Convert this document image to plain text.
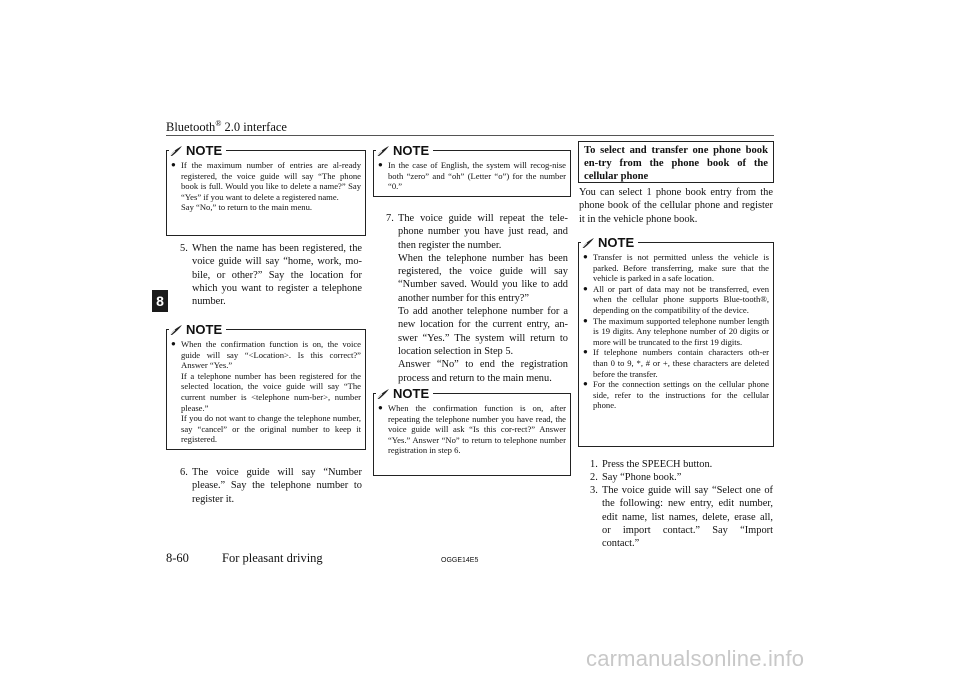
Bluetooth® 2.0 interface
8
NOTE
● If the maximum number of entries are al-ready registered, the voice guide will say “The phone book is full. Would you like to delete a name?” Say “Yes” if you want to delete a registered name.
Say “No,” to return to the main menu.
5. When the name has been registered, the voice guide will say “home, work, mo-bile, or other?” Say the location for which you want to register a telephone number.
NOTE
● When the confirmation function is on, the voice guide will say “<Location>. Is this correct?” Answer “Yes.”
If a telephone number has been registered for the selected location, the voice guide will say “The current number is <telephone num-ber>, number please.”
If you do not want to change the telephone number, say “cancel” or the original number to keep it registered.
6. The voice guide will say “Number please.” Say the telephone number to register it.
NOTE
● In the case of English, the system will recog-nise both “zero” and “oh” (Letter “o”) for the number “0.”
7. The voice guide will repeat the tele-phone number you have just read, and then register the number.
When the telephone number has been registered, the voice guide will say “Number saved. Would you like to add another number for this entry?”
To add another telephone number for a new location for the current entry, an-swer “Yes.” The system will return to location selection in Step 5.
Answer “No” to end the registration process and return to the main menu.
NOTE
● When the confirmation function is on, after repeating the telephone number you have read, the voice guide will ask “Is this cor-rect?” Answer “Yes.” Answer “No” to return to telephone number registration in step 6.
To select and transfer one phone book en-try from the phone book of the cellular phone
You can select 1 phone book entry from the phone book of the cellular phone and register it in the vehicle phone book.
NOTE
● Transfer is not permitted unless the vehicle is parked. Before transferring, make sure that the vehicle is parked in a safe location.
● All or part of data may not be transferred, even when the cellular phone supports Blue-tooth®, depending on the compatibility of the device.
● The maximum supported telephone number length is 19 digits. Any telephone number of 20 digits or more will be truncated to the first 19 digits.
● If telephone numbers contain characters oth-er than 0 to 9, *, # or +, these characters are deleted before the transfer.
● For the connection settings on the cellular phone side, refer to the instructions for the cellular phone.
1. Press the SPEECH button.
2. Say “Phone book.”
3. The voice guide will say “Select one of the following: new entry, edit number, edit name, list names, delete, erase all, or import contact.” Say “Import contact.”
8-60	For pleasant driving	OGGE14E5
carmanualsonline.info
